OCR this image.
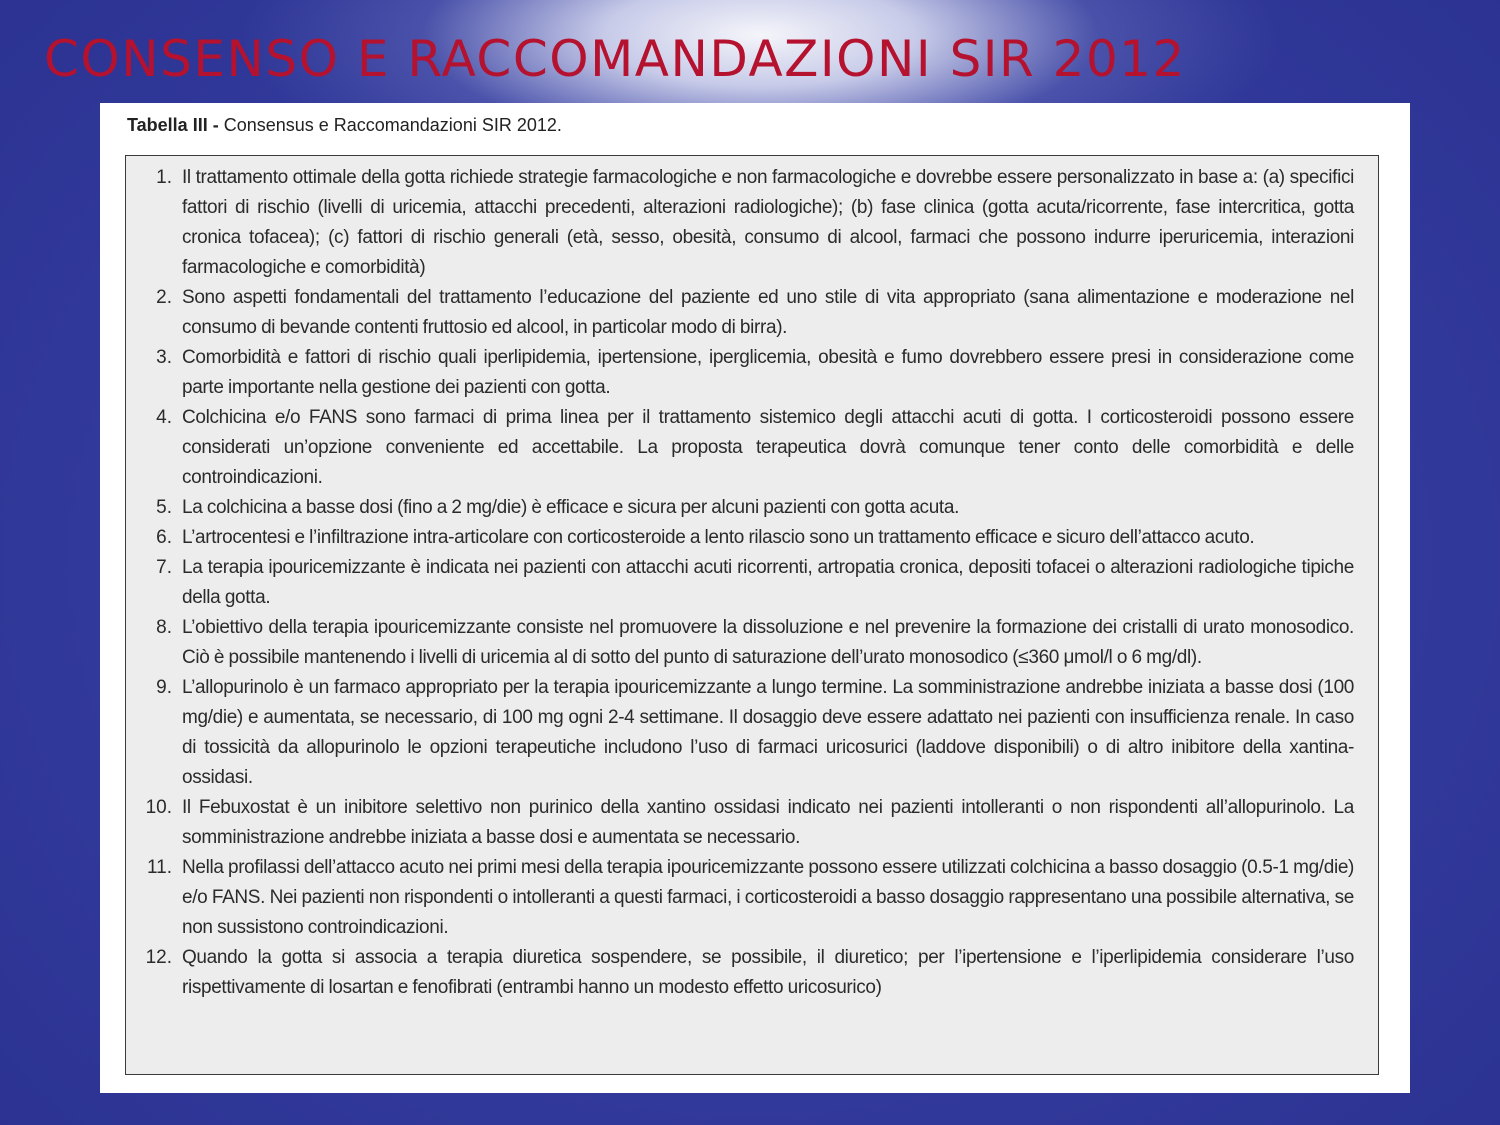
CONSENSO E RACCOMANDAZIONI SIR 2012

Tabella III - Consensus e Raccomandazioni SIR 2012.

1. Il trattamento ottimale della gotta richiede strategie farmacologiche e non farmacologiche e dovrebbe essere personalizzato in base a: (a) specifici fattori di rischio (livelli di uricemia, attacchi precedenti, alterazioni radiologiche); (b) fase clinica (gotta acuta/ricorrente, fase intercritica, gotta cronica tofacea); (c) fattori di rischio generali (età, sesso, obesità, consumo di alcool, farmaci che possono indurre iperuricemia, interazioni farmacologiche e comorbidità)
2. Sono aspetti fondamentali del trattamento l’educazione del paziente ed uno stile di vita appropriato (sana alimentazione e moderazione nel consumo di bevande contenti fruttosio ed alcool, in particolar modo di birra).
3. Comorbidità e fattori di rischio quali iperlipidemia, ipertensione, iperglicemia, obesità e fumo dovrebbero essere presi in considerazione come parte importante nella gestione dei pazienti con gotta.
4. Colchicina e/o FANS sono farmaci di prima linea per il trattamento sistemico degli attacchi acuti di gotta. I corticosteroidi possono essere considerati un’opzione conveniente ed accettabile. La proposta terapeutica dovrà comunque tener conto delle comorbidità e delle controindicazioni.
5. La colchicina a basse dosi (fino a 2 mg/die) è efficace e sicura per alcuni pazienti con gotta acuta.
6. L’artrocentesi e l’infiltrazione intra-articolare con corticosteroide a lento rilascio sono un trattamento efficace e sicuro dell’attacco acuto.
7. La terapia ipouricemizzante è indicata nei pazienti con attacchi acuti ricorrenti, artropatia cronica, depositi tofacei o alterazioni radiologiche tipiche della gotta.
8. L’obiettivo della terapia ipouricemizzante consiste nel promuovere la dissoluzione e nel prevenire la formazione dei cristalli di urato monosodico. Ciò è possibile mantenendo i livelli di uricemia al di sotto del punto di saturazione dell’urato monosodico (≤360 μmol/l o 6 mg/dl).
9. L’allopurinolo è un farmaco appropriato per la terapia ipouricemizzante a lungo termine. La somministrazione andrebbe iniziata a basse dosi (100 mg/die) e aumentata, se necessario, di 100 mg ogni 2-4 settimane. Il dosaggio deve essere adattato nei pazienti con insufficienza renale. In caso di tossicità da allopurinolo le opzioni terapeutiche includono l’uso di farmaci uricosurici (laddove disponibili) o di altro inibitore della xantina-ossidasi.
10. Il Febuxostat è un inibitore selettivo non purinico della xantino ossidasi indicato nei pazienti intolleranti o non rispondenti all’allopurinolo. La somministrazione andrebbe iniziata a basse dosi e aumentata se necessario.
11. Nella profilassi dell’attacco acuto nei primi mesi della terapia ipouricemizzante possono essere utilizzati colchicina a basso dosaggio (0.5-1 mg/die) e/o FANS. Nei pazienti non rispondenti o intolleranti a questi farmaci, i corticosteroidi a basso dosaggio rappresentano una possibile alternativa, se non sussistono controindicazioni.
12. Quando la gotta si associa a terapia diuretica sospendere, se possibile, il diuretico; per l’ipertensione e l’iperlipidemia considerare l’uso rispettivamente di losartan e fenofibrati (entrambi hanno un modesto effetto uricosurico)
